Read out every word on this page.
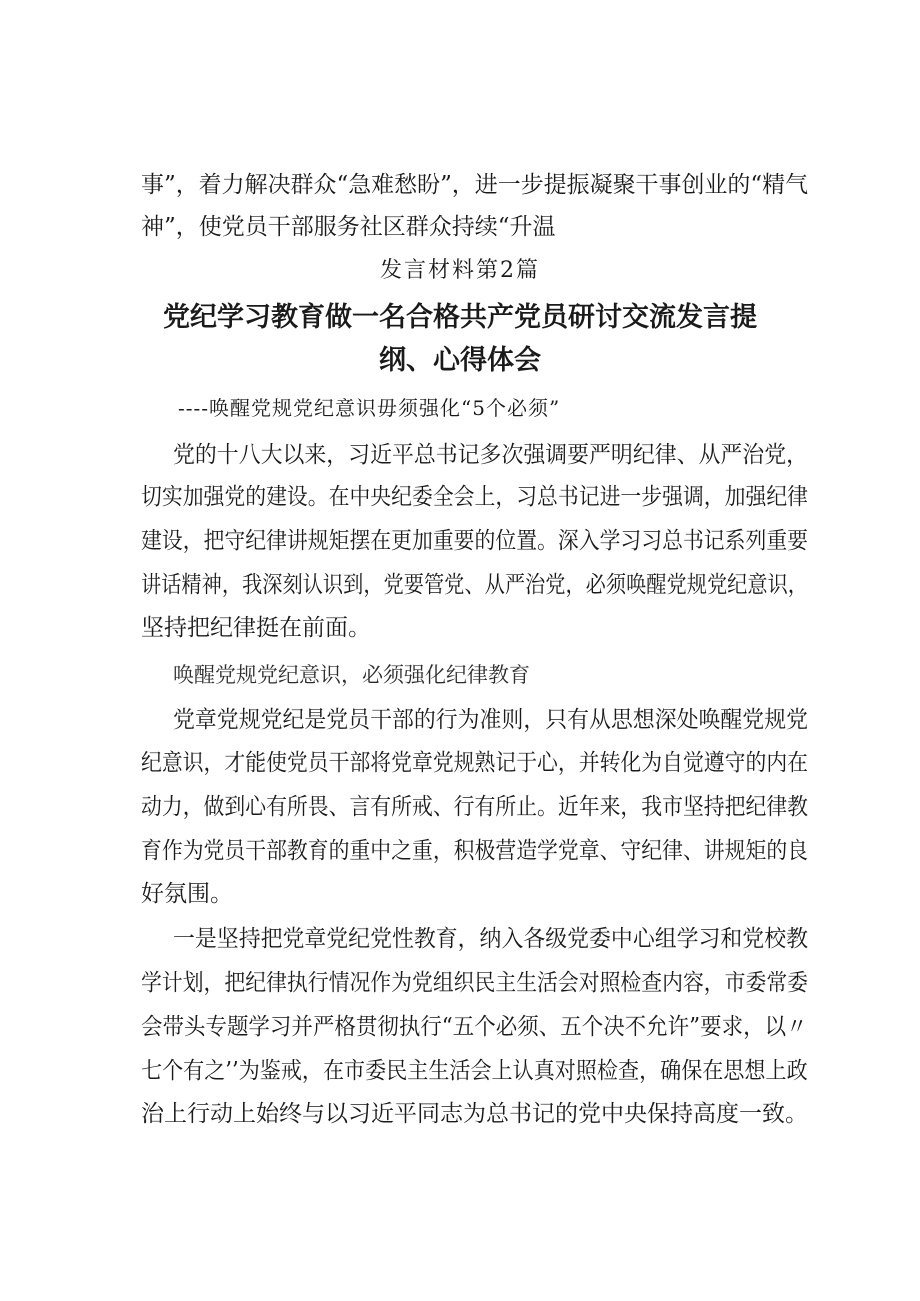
事”，着力解决群众“急难愁盼”，进一步提振凝聚干事创业的“精气
神”，使党员干部服务社区群众持续“升温
发言材料第2篇
党纪学习教育做一名合格共产党员研讨交流发言提
纲、心得体会
----唤醒党规党纪意识毋须强化“5个必须”
党的十八大以来，习近平总书记多次强调要严明纪律、从严治党，
切实加强党的建设。在中央纪委全会上，习总书记进一步强调，加强纪律
建设，把守纪律讲规矩摆在更加重要的位置。深入学习习总书记系列重要
讲话精神，我深刻认识到，党要管党、从严治党，必须唤醒党规党纪意识，
坚持把纪律挺在前面。
唤醒党规党纪意识，必须强化纪律教育
党章党规党纪是党员干部的行为准则，只有从思想深处唤醒党规党
纪意识，才能使党员干部将党章党规熟记于心，并转化为自觉遵守的内在
动力，做到心有所畏、言有所戒、行有所止。近年来，我市坚持把纪律教
育作为党员干部教育的重中之重，积极营造学党章、守纪律、讲规矩的良
好氛围。
一是坚持把党章党纪党性教育，纳入各级党委中心组学习和党校教
学计划，把纪律执行情况作为党组织民主生活会对照检查内容，市委常委
会带头专题学习并严格贯彻执行“五个必须、五个决不允许”要求，以〃
七个有之’’为鉴戒，在市委民主生活会上认真对照检查，确保在思想上政
治上行动上始终与以习近平同志为总书记的党中央保持高度一致。
